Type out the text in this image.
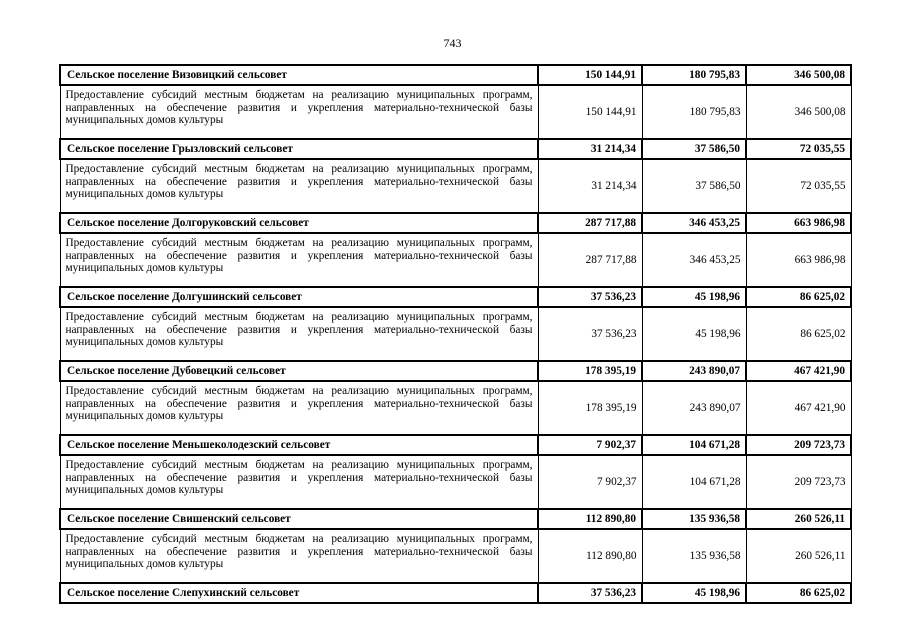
743
Сельское поселение Визовицкий сельсовет	150 144,91	180 795,83	346 500,08
Предоставление субсидий местным бюджетам на реализацию муниципальных программ, направленных на обеспечение развития и укрепления материально-технической базы муниципальных домов культуры	150 144,91	180 795,83	346 500,08
Сельское поселение Грызловский сельсовет	31 214,34	37 586,50	72 035,55
Предоставление субсидий местным бюджетам на реализацию муниципальных программ, направленных на обеспечение развития и укрепления материально-технической базы муниципальных домов культуры	31 214,34	37 586,50	72 035,55
Сельское поселение Долгоруковский сельсовет	287 717,88	346 453,25	663 986,98
Предоставление субсидий местным бюджетам на реализацию муниципальных программ, направленных на обеспечение развития и укрепления материально-технической базы муниципальных домов культуры	287 717,88	346 453,25	663 986,98
Сельское поселение Долгушинский сельсовет	37 536,23	45 198,96	86 625,02
Предоставление субсидий местным бюджетам на реализацию муниципальных программ, направленных на обеспечение развития и укрепления материально-технической базы муниципальных домов культуры	37 536,23	45 198,96	86 625,02
Сельское поселение Дубовецкий сельсовет	178 395,19	243 890,07	467 421,90
Предоставление субсидий местным бюджетам на реализацию муниципальных программ, направленных на обеспечение развития и укрепления материально-технической базы муниципальных домов культуры	178 395,19	243 890,07	467 421,90
Сельское поселение Меньшеколодезский сельсовет	7 902,37	104 671,28	209 723,73
Предоставление субсидий местным бюджетам на реализацию муниципальных программ, направленных на обеспечение развития и укрепления материально-технической базы муниципальных домов культуры	7 902,37	104 671,28	209 723,73
Сельское поселение Свишенский сельсовет	112 890,80	135 936,58	260 526,11
Предоставление субсидий местным бюджетам на реализацию муниципальных программ, направленных на обеспечение развития и укрепления материально-технической базы муниципальных домов культуры	112 890,80	135 936,58	260 526,11
Сельское поселение Слепухинский сельсовет	37 536,23	45 198,96	86 625,02
